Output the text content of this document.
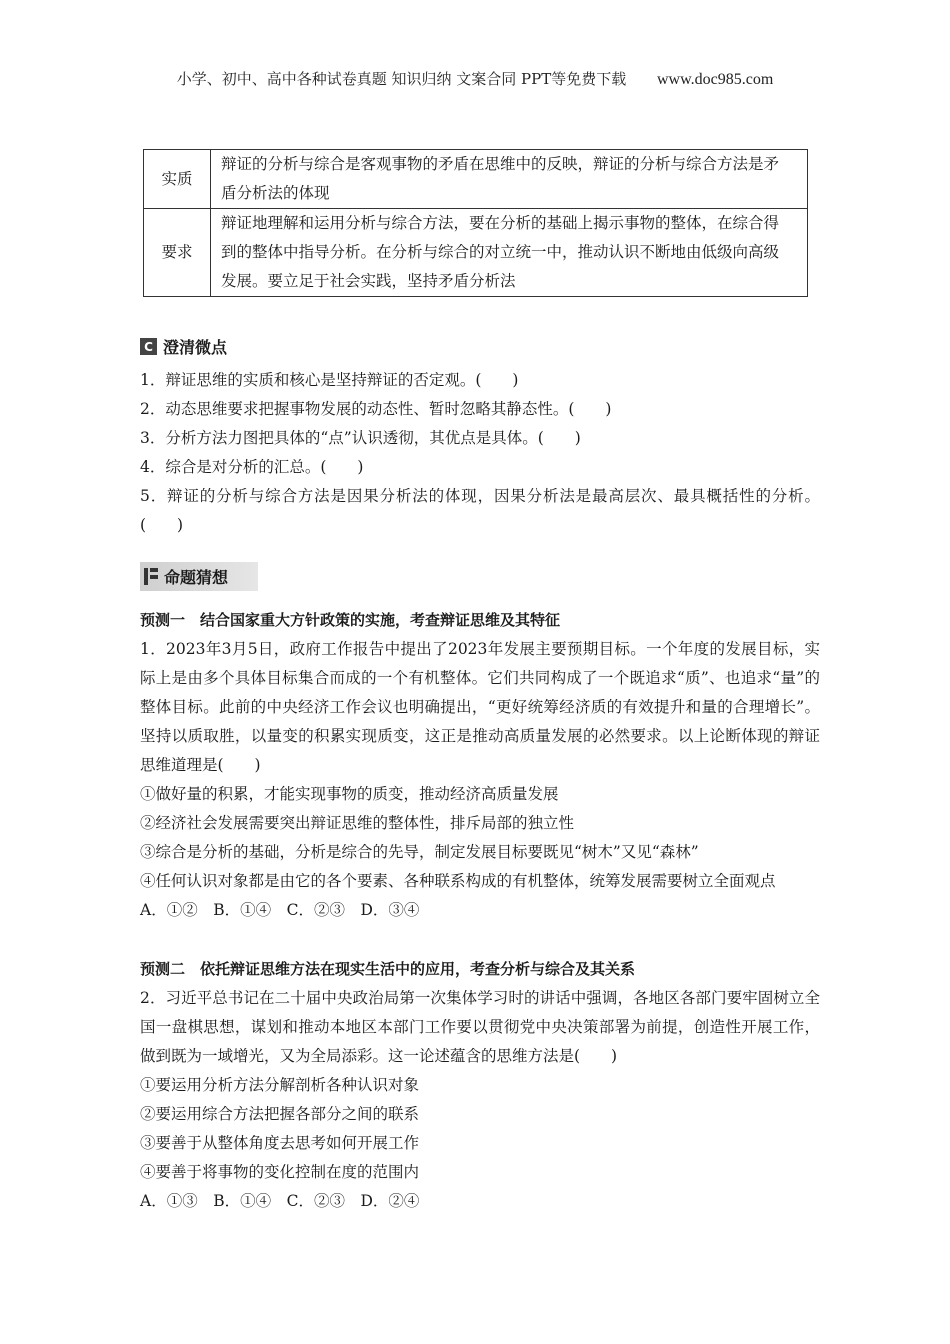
小学、初中、高中各种试卷真题 知识归纳 文案合同 PPT等免费下载 www.doc985.com
实质	辩证的分析与综合是客观事物的矛盾在思维中的反映，辩证的分析与综合方法是矛盾分析法的体现
要求	辩证地理解和运用分析与综合方法，要在分析的基础上揭示事物的整体，在综合得到的整体中指导分析。在分析与综合的对立统一中，推动认识不断地由低级向高级发展。要立足于社会实践，坚持矛盾分析法
C 澄清微点

1．辩证思维的实质和核心是坚持辩证的否定观。(　　)

2．动态思维要求把握事物发展的动态性、暂时忽略其静态性。(　　)

3．分析方法力图把具体的“点”认识透彻，其优点是具体。(　　)

4．综合是对分析的汇总。(　　)

5．辩证的分析与综合方法是因果分析法的体现，因果分析法是最高层次、最具概括性的分析。(　　)

命题猜想

预测一　结合国家重大方针政策的实施，考查辩证思维及其特征

1．2023年3月5日，政府工作报告中提出了2023年发展主要预期目标。一个年度的发展目标，实际上是由多个具体目标集合而成的一个有机整体。它们共同构成了一个既追求“质”、也追求“量”的整体目标。此前的中央经济工作会议也明确提出，“更好统筹经济质的有效提升和量的合理增长”。坚持以质取胜，以量变的积累实现质变，这正是推动高质量发展的必然要求。以上论断体现的辩证思维道理是(　　)

①做好量的积累，才能实现事物的质变，推动经济高质量发展

②经济社会发展需要突出辩证思维的整体性，排斥局部的独立性

③综合是分析的基础，分析是综合的先导，制定发展目标要既见“树木”又见“森林”

④任何认识对象都是由它的各个要素、各种联系构成的有机整体，统筹发展需要树立全面观点

A．①②　B．①④　C．②③　D．③④

预测二　依托辩证思维方法在现实生活中的应用，考查分析与综合及其关系

2．习近平总书记在二十届中央政治局第一次集体学习时的讲话中强调，各地区各部门要牢固树立全国一盘棋思想，谋划和推动本地区本部门工作要以贯彻党中央决策部署为前提，创造性开展工作，做到既为一域增光，又为全局添彩。这一论述蕴含的思维方法是(　　)

①要运用分析方法分解剖析各种认识对象

②要运用综合方法把握各部分之间的联系

③要善于从整体角度去思考如何开展工作

④要善于将事物的变化控制在度的范围内

A．①③　B．①④　C．②③　D．②④
